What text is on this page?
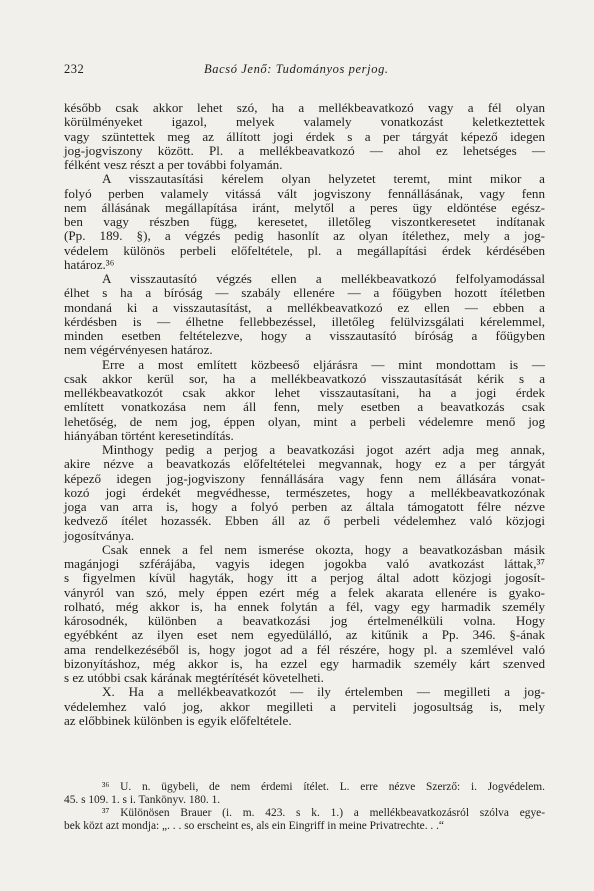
232	Bacsó Jenő: Tudományos perjog.
később csak akkor lehet szó, ha a mellékbeavatkozó vagy a fél olyan
körülményeket igazol, melyek valamely vonatkozást keletkeztettek
vagy szüntettek meg az állított jogi érdek s a per tárgyát képező idegen
jog-jogviszony között. Pl. a mellékbeavatkozó — ahol ez lehetséges —
félként vesz részt a per további folyamán.
A visszautasítási kérelem olyan helyzetet teremt, mint mikor a
folyó perben valamely vitássá vált jogviszony fennállásának, vagy fenn
nem állásának megállapítása iránt, melytől a peres ügy eldöntése egész-
ben vagy részben függ, keresetet, illetőleg viszontkeresetet indítanak
(Pp. 189. §), a végzés pedig hasonlít az olyan ítélethez, mely a jog-
védelem különös perbeli előfeltétele, pl. a megállapítási érdek kérdésében
határoz.³⁶
A visszautasító végzés ellen a mellékbeavatkozó felfolyamodással
élhet s ha a bíróság — szabály ellenére — a főügyben hozott ítéletben
mondaná ki a visszautasítást, a mellékbeavatkozó ez ellen — ebben a
kérdésben is — élhetne fellebbezéssel, illetőleg felülvizsgálati kérelemmel,
minden esetben feltételezve, hogy a visszautasító bíróság a főügyben
nem végérvényesen határoz.
Erre a most említett közbeeső eljárásra — mint mondottam is —
csak akkor kerül sor, ha a mellékbeavatkozó visszautasítását kérik s a
mellékbeavatkozót csak akkor lehet visszautasítani, ha a jogi érdek
említett vonatkozása nem áll fenn, mely esetben a beavatkozás csak
lehetőség, de nem jog, éppen olyan, mint a perbeli védelemre menő jog
hiányában történt keresetindítás.
Minthogy pedig a perjog a beavatkozási jogot azért adja meg annak,
akire nézve a beavatkozás előfeltételei megvannak, hogy ez a per tárgyát
képező idegen jog-jogviszony fennállására vagy fenn nem állására vonat-
kozó jogi érdekét megvédhesse, természetes, hogy a mellékbeavatkozónak
joga van arra is, hogy a folyó perben az általa támogatott félre nézve
kedvező ítélet hozassék. Ebben áll az ő perbeli védelemhez való közjogi
jogosítványa.
Csak ennek a fel nem ismerése okozta, hogy a beavatkozásban másik
magánjogi szférájába, vagyis idegen jogokba való avatkozást láttak,³⁷
s figyelmen kívül hagyták, hogy itt a perjog által adott közjogi jogosít-
ványról van szó, mely éppen ezért még a felek akarata ellenére is gyako-
rolható, még akkor is, ha ennek folytán a fél, vagy egy harmadik személy
károsodnék, különben a beavatkozási jog értelmenélküli volna. Hogy
egyébként az ilyen eset nem egyedülálló, az kitűnik a Pp. 346. §-ának
ama rendelkezéséből is, hogy jogot ad a fél részére, hogy pl. a szemlével való
bizonyításhoz, még akkor is, ha ezzel egy harmadik személy kárt szenved
s ez utóbbi csak kárának megtérítését követelheti.
X. Ha a mellékbeavatkozót — ily értelemben — megilleti a jog-
védelemhez való jog, akkor megilleti a perviteli jogosultság is, mely
az előbbinek különben is egyik előfeltétele.
³⁶ U. n. ügybeli, de nem érdemi ítélet. L. erre nézve Szerző: i. Jogvédelem.
45. s 109. 1. s i. Tankönyv. 180. 1.
³⁷ Különösen Brauer (i. m. 423. s k. 1.) a mellékbeavatkozásról szólva egye-
bek közt azt mondja: „. . . so erscheint es, als ein Eingriff in meine Privatrechte. . .“
